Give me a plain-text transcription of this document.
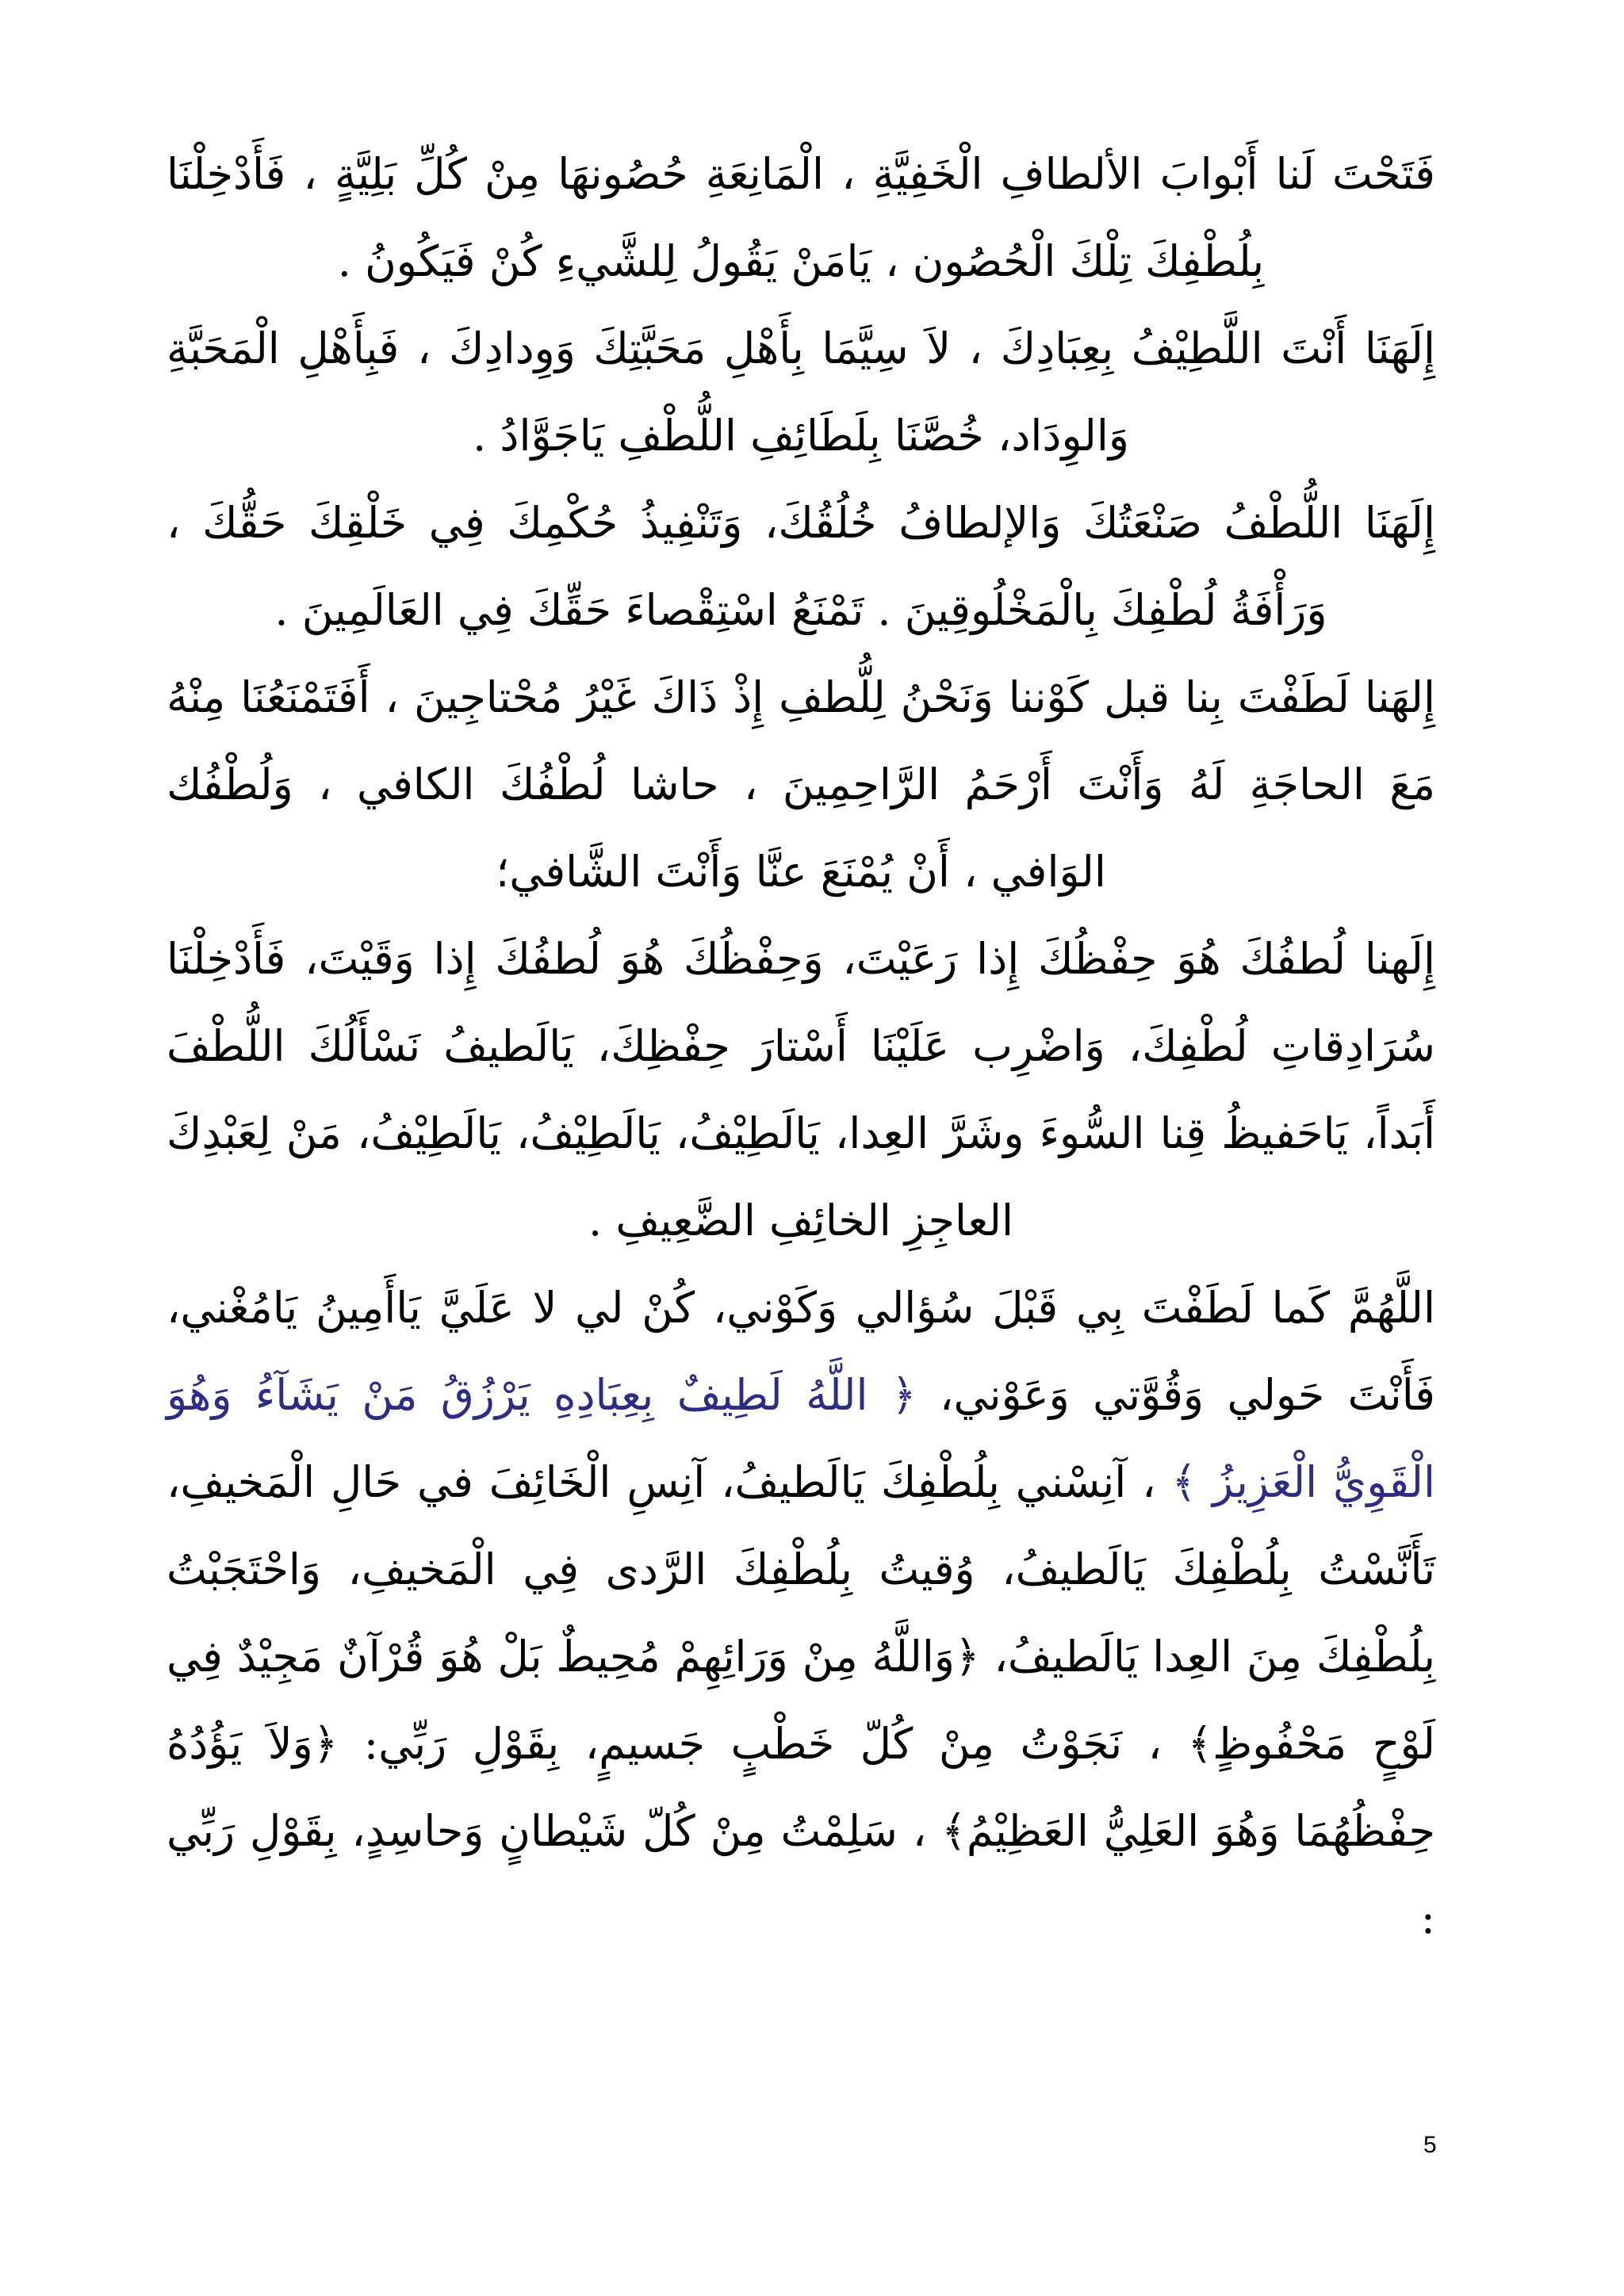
فَتَحْتَ لَنا أَبْوابَ الألطافِ الْخَفِيَّةِ ، الْمَانِعَةِ حُصُونهَا مِنْ كُلِّ بَلِيَّةٍ ، فَأَدْخِلْنَا بِلُطْفِكَ تِلْكَ الْحُصُون ، يَامَنْ يَقُولُ لِلشَّيءِ كُنْ فَيَكُونُ .

إِلَهَنَا أَنْتَ اللَّطِيْفُ بِعِبَادِكَ ، لاَ سِيَّمَا بِأَهْلِ مَحَبَّتِكَ وَوِدادِكَ ، فَبِأَهْلِ الْمَحَبَّةِ وَالوِدَاد، خُصَّنَا بِلَطَائِفِ اللُّطْفِ يَاجَوَّادُ .

إِلَهَنَا اللُّطْفُ صَنْعَتُكَ وَالإلطافُ خُلُقُكَ، وَتَنْفِيذُ حُكْمِكَ فِي خَلْقِكَ حَقُّكَ ، وَرَأْفَةُ لُطْفِكَ بِالْمَخْلُوقِينَ . تَمْنَعُ اسْتِقْصاءَ حَقِّكَ فِي العَالَمِينَ .

إِلهَنا لَطَفْتَ بِنا قبل كَوْننا وَنَحْنُ لِلُّطفِ إِذْ ذَاكَ غَيْرُ مُحْتاجِينَ ، أَفَتَمْنَعُنَا مِنْهُ مَعَ الحاجَةِ لَهُ وَأَنْتَ أَرْحَمُ الرَّاحِمِينَ ، حاشا لُطْفُكَ الكافي ، وَلُطْفُك الوَافي ، أَنْ يُمْنَعَ عنَّا وَأَنْتَ الشَّافي؛

إِلَهنا لُطفُكَ هُوَ حِفْظُكَ إِذا رَعَيْتَ، وَحِفْظُكَ هُوَ لُطفُكَ إِذا وَقَيْتَ، فَأَدْخِلْنَا سُرَادِقاتِ لُطْفِكَ، وَاضْرِب عَلَيْنَا أَسْتارَ حِفْظِكَ، يَالَطيفُ نَسْأَلُكَ اللُّطْفَ أَبَداً، يَاحَفيظُ قِنا السُّوءَ وشَرَّ العِدا، يَالَطِيْفُ، يَالَطِيْفُ، يَالَطِيْفُ، مَنْ لِعَبْدِكَ العاجِزِ الخائِفِ الضَّعِيفِ .

اللَّهُمَّ كَما لَطَفْتَ بِي قَبْلَ سُؤالي وَكَوْني، كُنْ لي لا عَلَيَّ يَاأَمِينُ يَامُغْني، فَأَنْتَ حَولي وَقُوَّتي وَعَوْني، ﴿ اللَّهُ لَطِيفٌ بِعِبَادِهِ يَرْزُقُ مَنْ يَشَآءُ وَهُوَ الْقَوِيُّ الْعَزِيزُ ﴾ ، آنِسْني بِلُطْفِكَ يَالَطيفُ، آنِسِ الْخَائِفَ في حَالِ الْمَخيفِ، تَأَنَّسْتُ بِلُطْفِكَ يَالَطيفُ، وُقيتُ بِلُطْفِكَ الرَّدى فِي الْمَخيفِ، وَاحْتَجَبْتُ بِلُطْفِكَ مِنَ العِدا يَالَطيفُ، ﴿وَاللَّهُ مِنْ وَرَائِهِمْ مُحِيطٌ بَلْ هُوَ قُرْآنٌ مَجِيْدٌ فِي لَوْحٍ مَحْفُوظٍ﴾ ، نَجَوْتُ مِنْ كُلّ خَطْبٍ جَسيمٍ، بِقَوْلِ رَبِّي: ﴿وَلاَ يَؤُدُهُ حِفْظُهُمَا وَهُوَ العَلِيُّ العَظِيْمُ﴾ ، سَلِمْتُ مِنْ كُلّ شَيْطانٍ وَحاسِدٍ، بِقَوْلِ رَبِّي :

5
